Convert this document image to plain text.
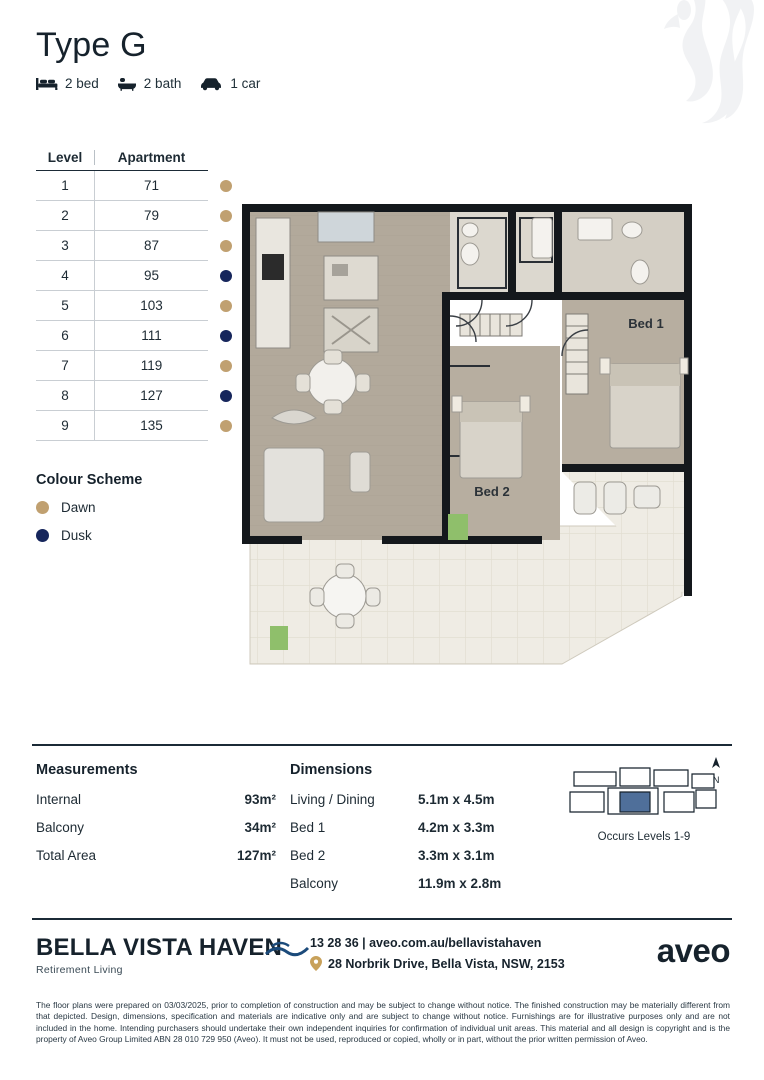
Type G
2 bed	2 bath	1 car
Level	Apartment
1	71
2	79
3	87
4	95
5	103
6	111
7	119
8	127
9	135
Colour Scheme
Dawn
Dusk
Bed 1
Bed 2
Measurements
Internal	93m²
Balcony	34m²
Total Area	127m²
Dimensions
Living / Dining	5.1m x 4.5m
Bed 1	4.2m x 3.3m
Bed 2	3.3m x 3.1m
Balcony	11.9m x 2.8m
N
Occurs Levels 1-9
BELLA VISTA HAVEN
Retirement Living
13 28 36 | aveo.com.au/bellavistahaven
28 Norbrik Drive, Bella Vista, NSW, 2153	aveo
The floor plans were prepared on 03/03/2025, prior to completion of construction and may be subject to change without notice. The finished construction may be materially different from that depicted. Design, dimensions, specification and materials are indicative only and are subject to change without notice. Furnishings are for illustrative purposes only and are not included in the home. Intending purchasers should undertake their own independent inquiries for confirmation of individual unit areas. This material and all design is copyright and is the property of Aveo Group Limited ABN 28 010 729 950 (Aveo). It must not be used, reproduced or copied, wholly or in part, without the prior written permission of Aveo.
